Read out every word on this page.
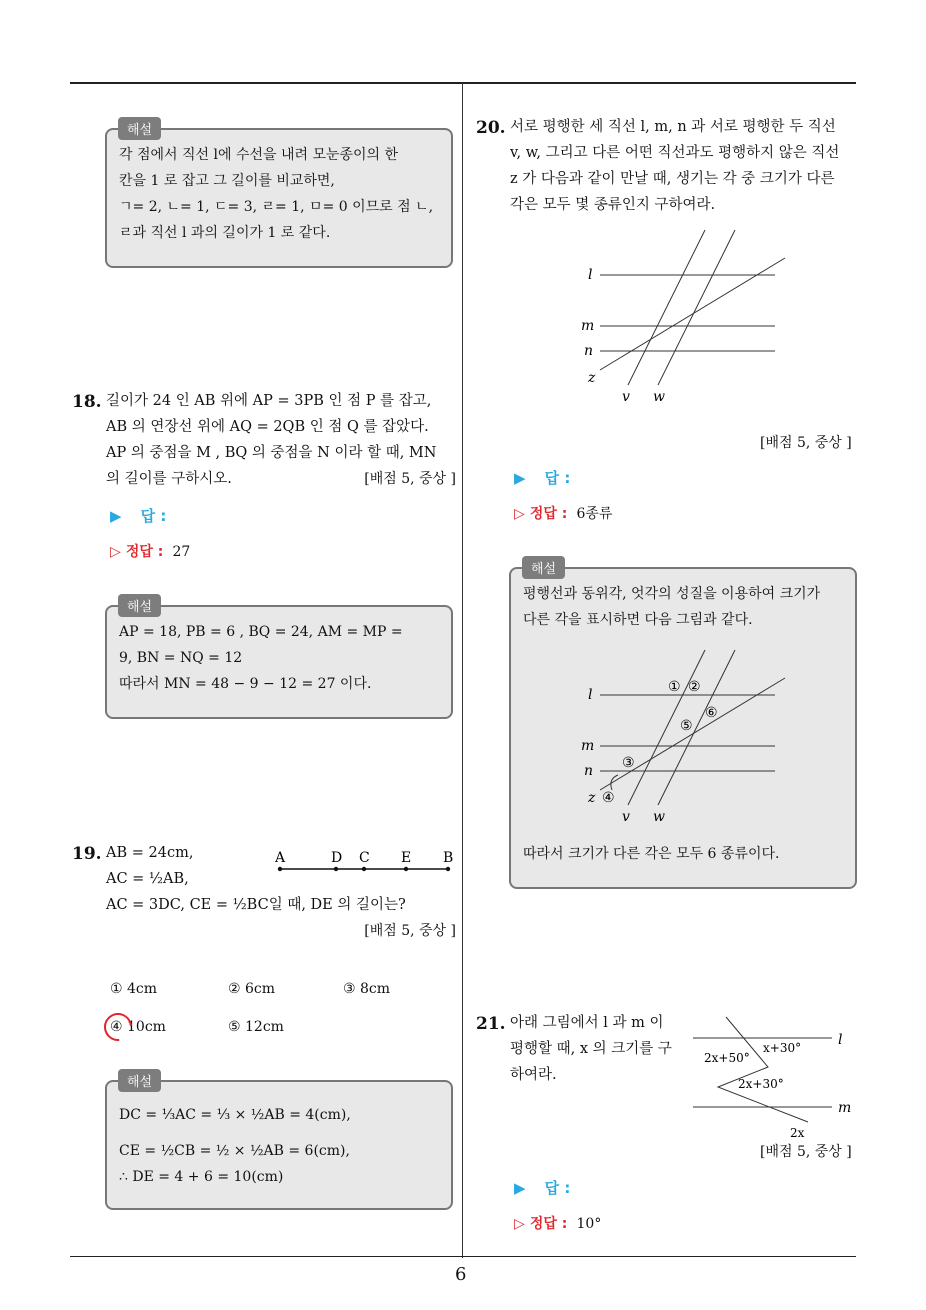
6
각 점에서 직선 l에 수선을 내려 모눈종이의 한
칸을 1 로 잡고 그 길이를 비교하면,
ㄱ= 2, ㄴ= 1, ㄷ= 3, ㄹ= 1, ㅁ= 0 이므로 점 ㄴ,
ㄹ과 직선 l 과의 길이가 1 로 같다.
해설
18. 길이가 24 인 AB 위에 AP = 3PB 인 점 P 를 잡고,
AB 의 연장선 위에 AQ = 2QB 인 점 Q 를 잡았다.
AP 의 중점을 M , BQ 의 중점을 N 이라 할 때, MN
의 길이를 구하시오.	[배점 5, 중상 ]
▶ 답 :
▷ 정답 : 27
AP = 18, PB = 6 , BQ = 24, AM = MP =
9, BN = NQ = 12
따라서 MN = 48 − 9 − 12 = 27 이다.
해설
19. AB = 24cm,
AC = ½AB,
AC = 3DC, CE = ½BC일 때, DE 의 길이는?
[배점 5, 중상 ]
A	D C E B
① 4cm	② 6cm	③ 8cm
④ 10cm	⑤ 12cm
DC = ⅓AC = ⅓ × ½AB = 4(cm),
CE = ½CB = ½ × ½AB = 6(cm),
∴ DE = 4 + 6 = 10(cm)
해설
20. 서로 평행한 세 직선 l, m, n 과 서로 평행한 두 직선
v, w, 그리고 다른 어떤 직선과도 평행하지 않은 직선
z 가 다음과 같이 만날 때, 생기는 각 중 크기가 다른
각은 모두 몇 종류인지 구하여라.
l
m
n
z
v w
[배점 5, 중상 ]
▶ 답 :
▷ 정답 : 6종류
평행선과 동위각, 엇각의 성질을 이용하여 크기가
다른 각을 표시하면 다음 그림과 같다.
따라서 크기가 다른 각은 모두 6 종류이다.
해설
l
m
n
z
v w
① ②
③
④
⑤
⑥
21. 아래 그림에서 l 과 m 이
평행할 때, x 의 크기를 구
하여라.
l
m
2x+50°
x+30°
2x+30°
2x
[배점 5, 중상 ]
▶ 답 :
▷ 정답 : 10°
